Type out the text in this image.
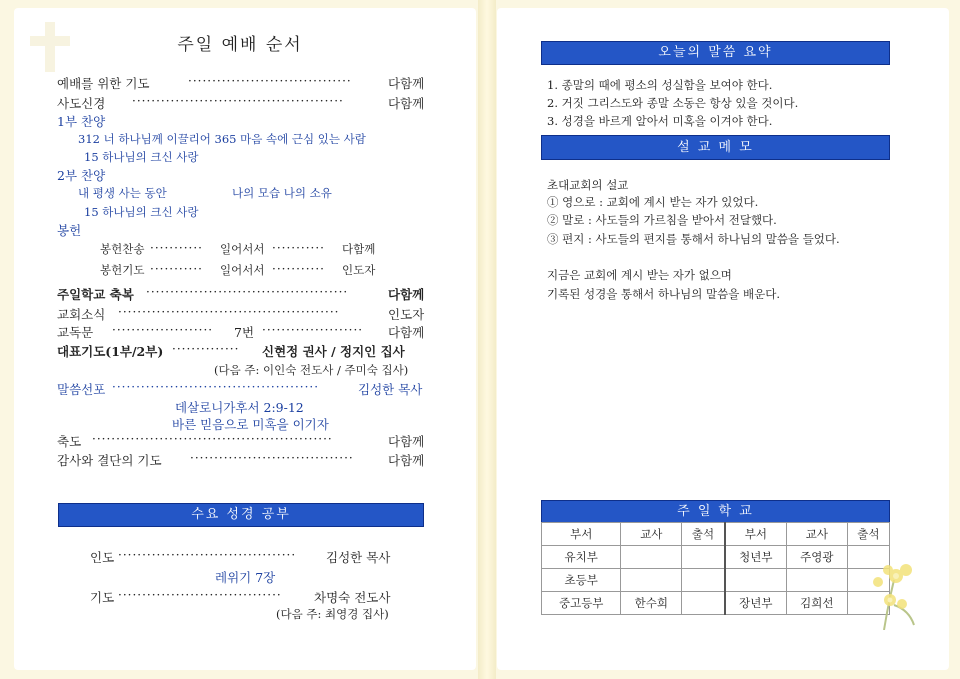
주일 예배 순서
예배를 위한 기도	··································	다함께
사도신경 ············································	다함께
1부 찬양
312 너 하나님께 이끌리어 365 마음 속에 근심 있는 사람
15 하나님의 크신 사랑
2부 찬양
내 평생 사는 동안	나의 모습 나의 소유
15 하나님의 크신 사랑
봉헌
봉헌찬송 ···········	일어서서 ···········	다함께
봉헌기도 ···········	일어서서 ···········	인도자
주일학교 축복 ··········································	다함께
교회소식 ··············································	인도자
교독문 ·····················	7번 ·····················	다함께
대표기도(1부/2부) ··············	신현정 권사 / 정지인 집사
(다음 주: 이인숙 전도사 / 주미숙 집사)
말씀선포 ···········································	김성한 목사
데살로니가후서 2:9-12
바른 믿음으로 미혹을 이기자
축도 ··················································	다함께
감사와 결단의 기도 ··································	다함께
수요 성경 공부
인도 ·····································	김성한 목사
레위기 7장
기도 ··································	차명숙 전도사
(다음 주: 최영경 집사)
오늘의 말씀 요약
1. 종말의 때에 평소의 성실함을 보여야 한다.
2. 거짓 그리스도와 종말 소동은 항상 있을 것이다.
3. 성경을 바르게 알아서 미혹을 이겨야 한다.
설 교 메 모
초대교회의 설교
① 영으로 : 교회에 계시 받는 자가 있었다.
② 말로 : 사도들의 가르침을 받아서 전달했다.
③ 편지 : 사도들의 편지를 통해서 하나님의 말씀을 들었다.
지금은 교회에 계시 받는 자가 없으며
기록된 성경을 통해서 하나님의 말씀을 배운다.
주 일 학 교
부서	교사	출석	부서	교사	출석
유치부			청년부	주영광	
초등부					
중고등부	한수희		장년부	김희선	
